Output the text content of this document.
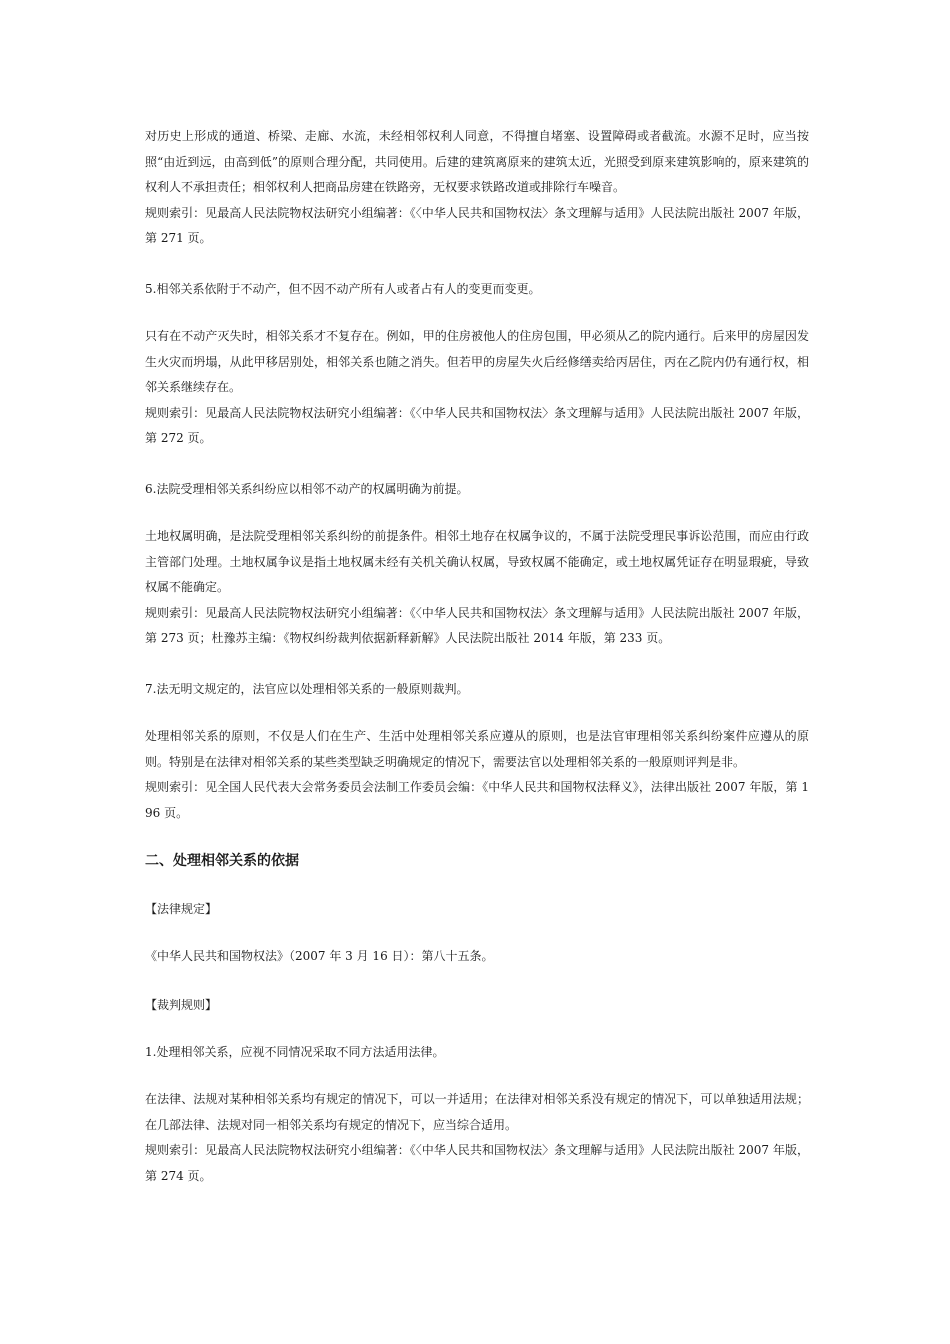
对历史上形成的通道、桥梁、走廊、水流，未经相邻权利人同意，不得擅自堵塞、设置障碍或者截流。水源不足时，应当按照“由近到远，由高到低”的原则合理分配，共同使用。后建的建筑离原来的建筑太近，光照受到原来建筑影响的，原来建筑的权利人不承担责任；相邻权利人把商品房建在铁路旁，无权要求铁路改道或排除行车噪音。

规则索引：见最高人民法院物权法研究小组编著：《〈中华人民共和国物权法〉条文理解与适用》人民法院出版社 2007 年版，第 271 页。

5.相邻关系依附于不动产，但不因不动产所有人或者占有人的变更而变更。

只有在不动产灭失时，相邻关系才不复存在。例如，甲的住房被他人的住房包围，甲必须从乙的院内通行。后来甲的房屋因发生火灾而坍塌，从此甲移居别处，相邻关系也随之消失。但若甲的房屋失火后经修缮卖给丙居住，丙在乙院内仍有通行权，相邻关系继续存在。

规则索引：见最高人民法院物权法研究小组编著：《〈中华人民共和国物权法〉条文理解与适用》人民法院出版社 2007 年版，第 272 页。

6.法院受理相邻关系纠纷应以相邻不动产的权属明确为前提。

土地权属明确，是法院受理相邻关系纠纷的前提条件。相邻土地存在权属争议的，不属于法院受理民事诉讼范围，而应由行政主管部门处理。土地权属争议是指土地权属未经有关机关确认权属，导致权属不能确定，或土地权属凭证存在明显瑕疵，导致权属不能确定。

规则索引：见最高人民法院物权法研究小组编著：《〈中华人民共和国物权法〉条文理解与适用》人民法院出版社 2007 年版，第 273 页；杜豫苏主编：《物权纠纷裁判依据新释新解》人民法院出版社 2014 年版，第 233 页。

7.法无明文规定的，法官应以处理相邻关系的一般原则裁判。

处理相邻关系的原则，不仅是人们在生产、生活中处理相邻关系应遵从的原则，也是法官审理相邻关系纠纷案件应遵从的原则。特别是在法律对相邻关系的某些类型缺乏明确规定的情况下，需要法官以处理相邻关系的一般原则评判是非。

规则索引：见全国人民代表大会常务委员会法制工作委员会编：《中华人民共和国物权法释义》，法律出版社 2007 年版，第 196 页。

二、处理相邻关系的依据

【法律规定】

《中华人民共和国物权法》（2007 年 3 月 16 日）：第八十五条。

【裁判规则】

1.处理相邻关系，应视不同情况采取不同方法适用法律。

在法律、法规对某种相邻关系均有规定的情况下，可以一并适用；在法律对相邻关系没有规定的情况下，可以单独适用法规；在几部法律、法规对同一相邻关系均有规定的情况下，应当综合适用。

规则索引：见最高人民法院物权法研究小组编著：《〈中华人民共和国物权法〉条文理解与适用》人民法院出版社 2007 年版，第 274 页。
